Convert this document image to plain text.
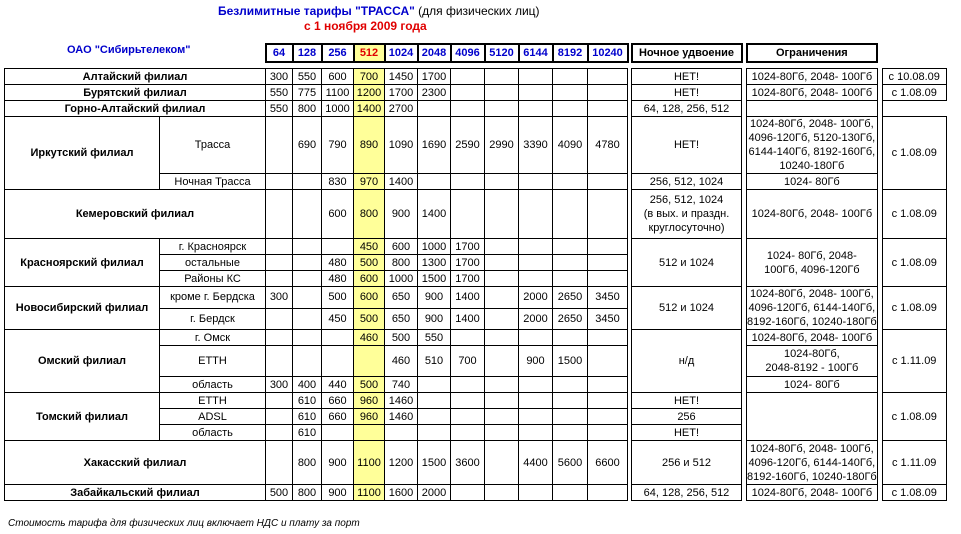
Безлимитные тарифы "ТРАССА" (для физических лиц)
с 1 ноября 2009 года
ОАО "Сибирьтелеком"
		64	128	256	512	1024	2048	4096	5120	6144	8192	10240		Ночное удвоение		Ограничения		

Алтайский филиал		300	550	600	700	1450	1700							НЕТ!		1024-80Гб, 2048- 100Гб		с 10.08.09
Бурятский филиал		550	775	1100	1200	1700	2300							НЕТ!		1024-80Гб, 2048- 100Гб		с 1.08.09
Горно-Алтайский филиал		550	800	1000	1400	2700								64, 128, 256, 512				
Иркутский филиал	Трасса		690	790	890	1090	1690	2590	2990	3390	4090	4780		НЕТ!		1024-80Гб, 2048- 100Гб,
4096-120Гб, 5120-130Гб,
6144-140Гб, 8192-160Гб,
10240-180Гб		с 1.08.09
	Ночная Трасса			830	970	1400								256, 512, 1024		1024- 80Гб		
Кемеровский филиал				600	800	900	1400							256, 512, 1024
(в вых. и праздн.
круглосуточно)		1024-80Гб, 2048- 100Гб		с 1.08.09
Красноярский филиал	г. Красноярск				450	600	1000	1700						512 и 1024		1024- 80Гб, 2048-
100Гб, 4096-120Гб		с 1.08.09
	остальные			480	500	800	1300	1700										
	Районы КС			480	600	1000	1500	1700										
Новосибирский филиал	кроме г. Бердска	300		500	600	650	900	1400		2000	2650	3450		512 и 1024		1024-80Гб, 2048- 100Гб,
4096-120Гб, 6144-140Гб,
8192-160Гб, 10240-180Гб		с 1.08.09
	г. Бердск			450	500	650	900	1400		2000	2650	3450						
Омский филиал	г. Омск				460	500	550							н/д		1024-80Гб, 2048- 100Гб		с 1.11.09
	ЕТТН					460	510	700		900	1500					1024-80Гб,
2048-8192 - 100Гб		

	область	300	400	440	500	740										1024- 80Гб		
Томский филиал	ЕТТН		610	660	960	1460								НЕТ!				с 1.08.09
	ADSL		610	660	960	1460								256				
	область		610											НЕТ!				
Хакасский филиал			800	900	1100	1200	1500	3600		4400	5600	6600		256 и 512		1024-80Гб, 2048- 100Гб,
4096-120Гб, 6144-140Гб,
8192-160Гб, 10240-180Гб		с 1.11.09
Забайкальский филиал		500	800	900	1100	1600	2000							64, 128, 256, 512		1024-80Гб, 2048- 100Гб		с 1.08.09
Стоимость тарифа для физических лиц включает НДС и плату за порт
